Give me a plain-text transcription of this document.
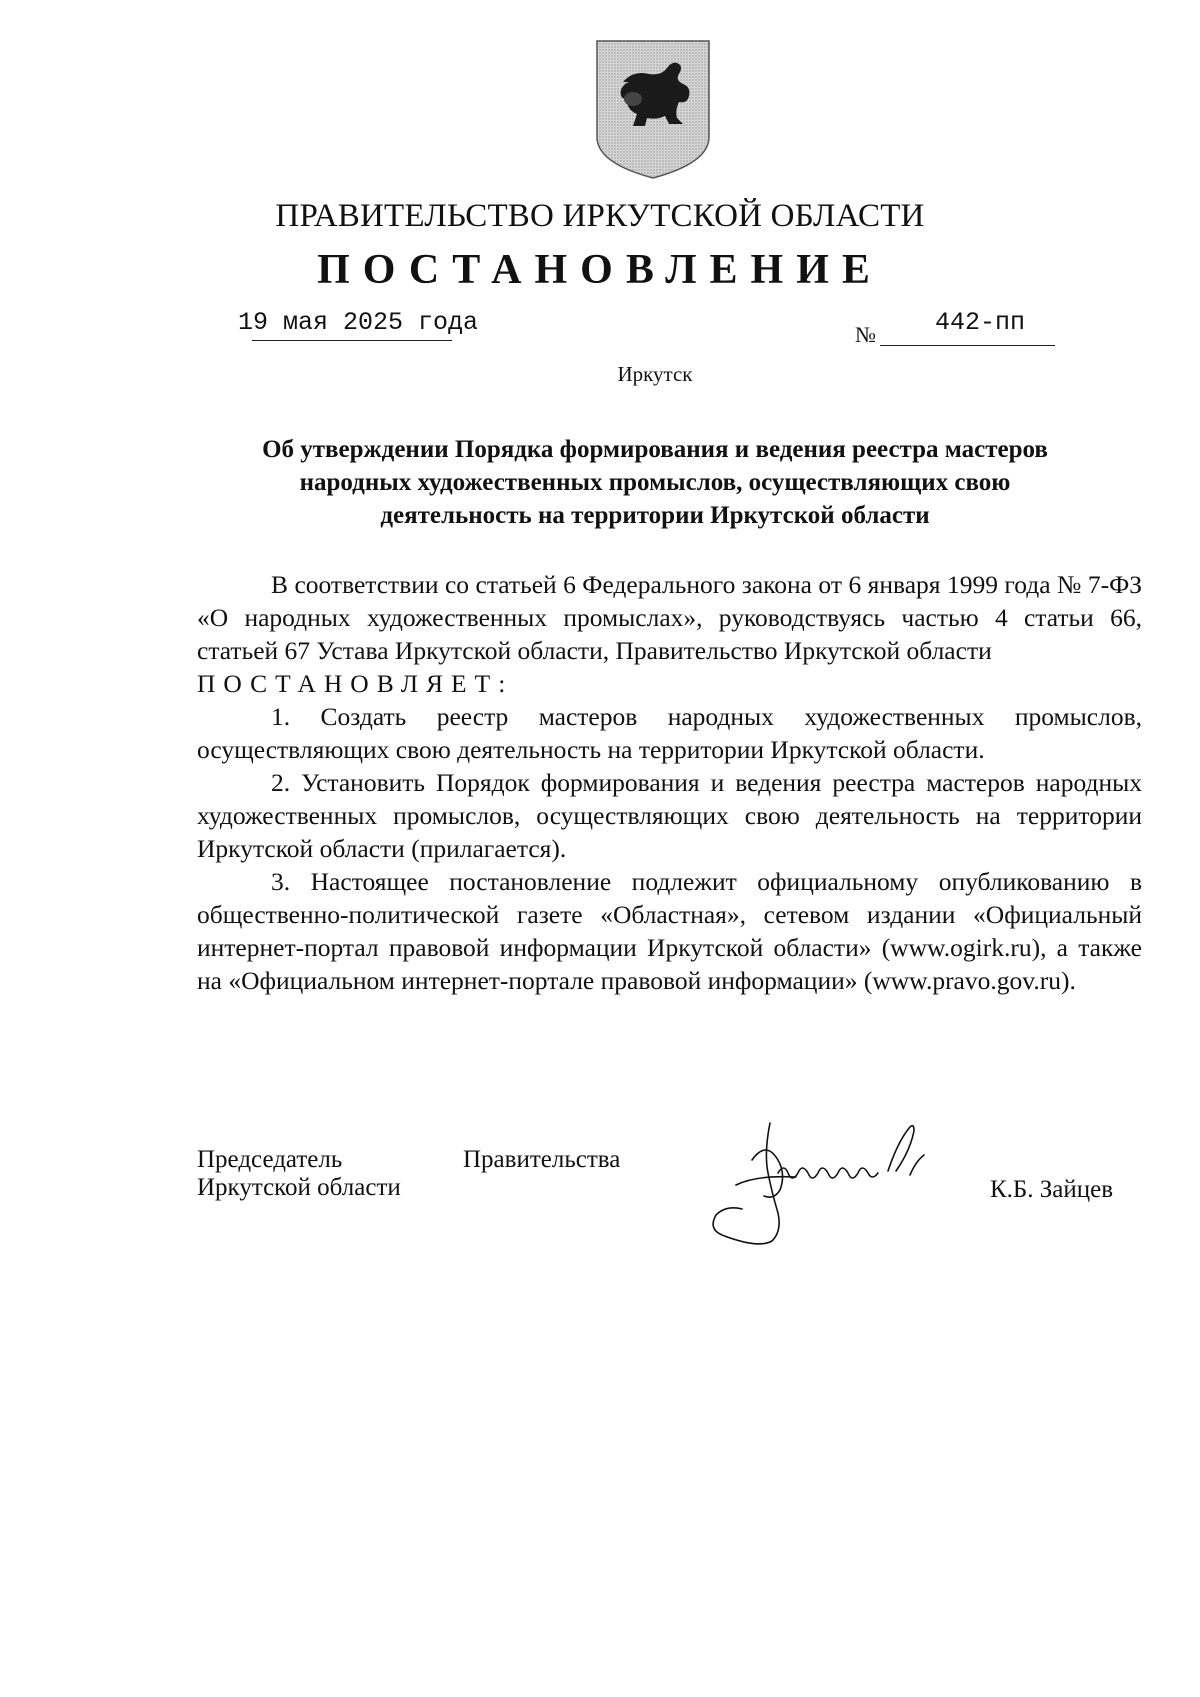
ПРАВИТЕЛЬСТВО ИРКУТСКОЙ ОБЛАСТИ
ПОСТАНОВЛЕНИЕ
19 мая 2025 года	№ 442-пп
Иркутск
Об утверждении Порядка формирования и ведения реестра мастеров
народных художественных промыслов, осуществляющих свою
деятельность на территории Иркутской области

В соответствии со статьей 6 Федерального закона от 6 января 1999 года № 7-ФЗ «О народных художественных промыслах», руководствуясь частью 4 статьи 66, статьей 67 Устава Иркутской области, Правительство Иркутской области

ПОСТАНОВЛЯЕТ:

1. Создать реестр мастеров народных художественных промыслов, осуществляющих свою деятельность на территории Иркутской области.

2. Установить Порядок формирования и ведения реестра мастеров народных художественных промыслов, осуществляющих свою деятельность на территории Иркутской области (прилагается).

3. Настоящее постановление подлежит официальному опубликованию в общественно-политической газете «Областная», сетевом издании «Официальный интернет-портал правовой информации Иркутской области» (www.ogirk.ru), а также на «Официальном интернет-портале правовой информации» (www.pravo.gov.ru).

Председатель
Иркутской области
Правительства
К.Б. Зайцев
